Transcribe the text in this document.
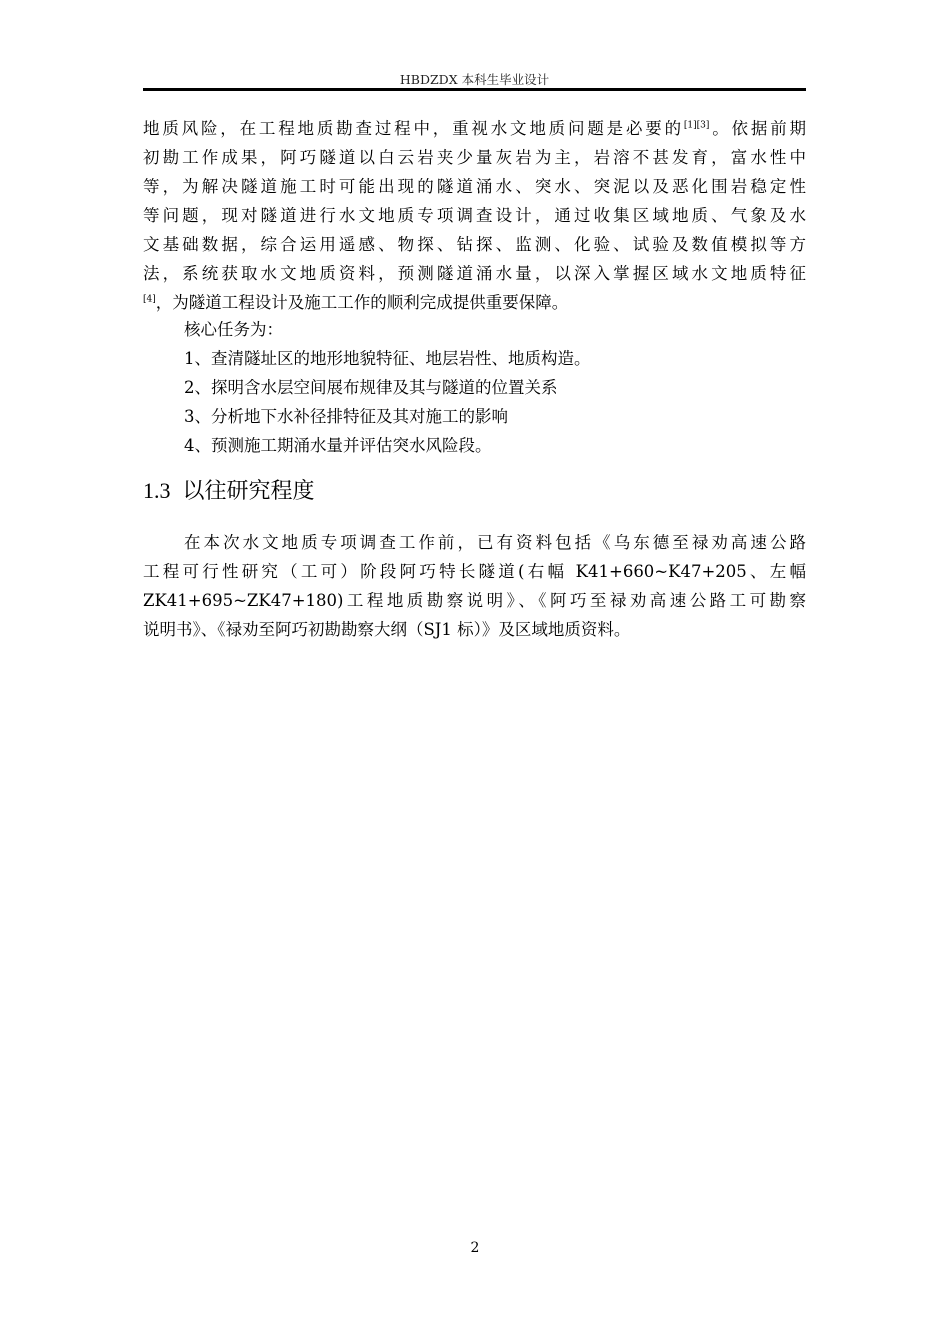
HBDZDX 本科生毕业设计
地质风险，在工程地质勘查过程中，重视水文地质问题是必要的[1][3]。依据前期
初勘工作成果，阿巧隧道以白云岩夹少量灰岩为主，岩溶不甚发育，富水性中
等，为解决隧道施工时可能出现的隧道涌水、突水、突泥以及恶化围岩稳定性
等问题，现对隧道进行水文地质专项调查设计，通过收集区域地质、气象及水
文基础数据，综合运用遥感、物探、钻探、监测、化验、试验及数值模拟等方
法，系统获取水文地质资料，预测隧道涌水量，以深入掌握区域水文地质特征
[4]，为隧道工程设计及施工工作的顺利完成提供重要保障。
核心任务为：
1、查清隧址区的地形地貌特征、地层岩性、地质构造。
2、探明含水层空间展布规律及其与隧道的位置关系
3、分析地下水补径排特征及其对施工的影响
4、预测施工期涌水量并评估突水风险段。
1.3 以往研究程度
在本次水文地质专项调查工作前，已有资料包括《乌东德至禄劝高速公路
工程可行性研究（工可）阶段阿巧特长隧道(右幅 K41+660~K47+205、左幅
ZK41+695~ZK47+180)工程地质勘察说明》、《阿巧至禄劝高速公路工可勘察
说明书》、《禄劝至阿巧初勘勘察大纲（SJ1 标）》及区域地质资料。
2
